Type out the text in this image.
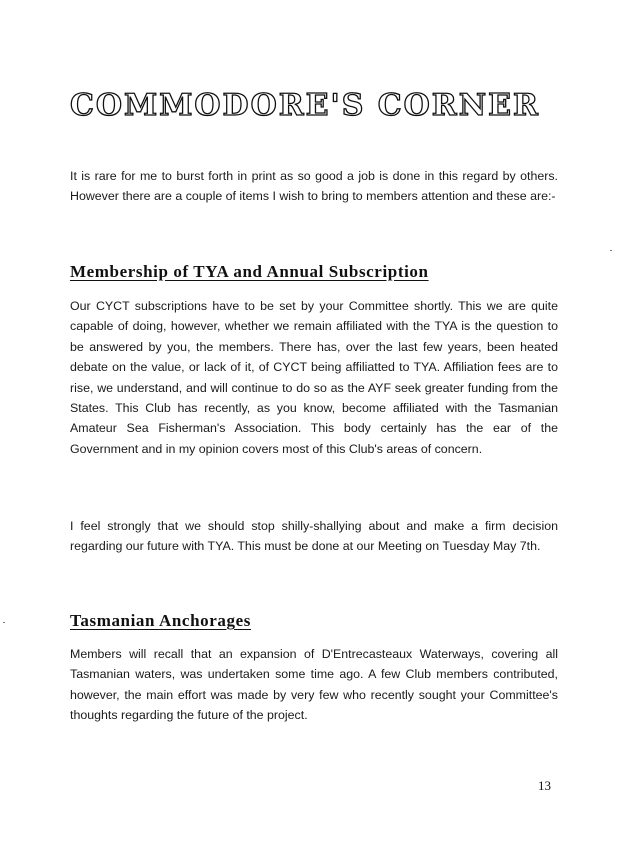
COMMODORE'S CORNER

It is rare for me to burst forth in print as so good a job is done in this regard by others. However there are a couple of items I wish to bring to members attention and these are:-

Membership of TYA and Annual Subscription

Our CYCT subscriptions have to be set by your Committee shortly. This we are quite capable of doing, however, whether we remain affiliated with the TYA is the question to be answered by you, the members. There has, over the last few years, been heated debate on the value, or lack of it, of CYCT being affiliatted to TYA. Affiliation fees are to rise, we understand, and will continue to do so as the AYF seek greater funding from the States. This Club has recently, as you know, become affiliated with the Tasmanian Amateur Sea Fisherman's Association. This body certainly has the ear of the Government and in my opinion covers most of this Club's areas of concern.

I feel strongly that we should stop shilly-shallying about and make a firm decision regarding our future with TYA. This must be done at our Meeting on Tuesday May 7th.

Tasmanian Anchorages

Members will recall that an expansion of D'Entrecasteaux Waterways, covering all Tasmanian waters, was undertaken some time ago. A few Club members contributed, however, the main effort was made by very few who recently sought your Committee's thoughts regarding the future of the project.

13
